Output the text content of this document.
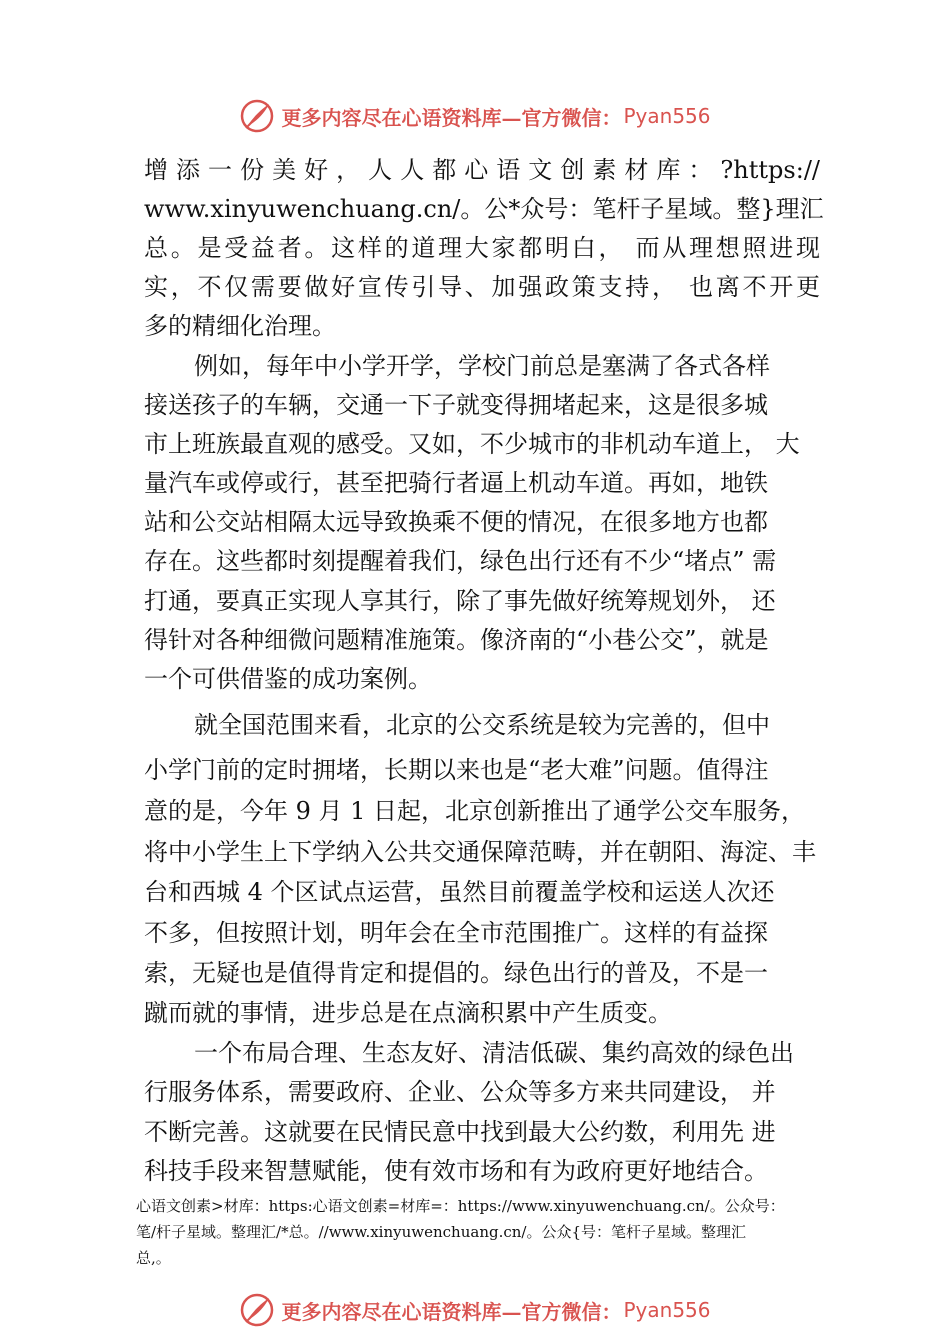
更多内容尽在心语资料库—官方微信： Pyan556
增添一份美好，人人都心语文创素材库：?https://
www.xinyuwenchuang.cn/。公*众号：笔杆子星域。整}理汇
总。是受益者。这样的道理大家都明白， 而从理想照进现
实，不仅需要做好宣传引导、加强政策支持， 也离不开更
多的精细化治理。
例如，每年中小学开学，学校门前总是塞满了各式各样
接送孩子的车辆，交通一下子就变得拥堵起来，这是很多城
市上班族最直观的感受。又如，不少城市的非机动车道上， 大
量汽车或停或行，甚至把骑行者逼上机动车道。再如，地铁
站和公交站相隔太远导致换乘不便的情况，在很多地方也都
存在。这些都时刻提醒着我们，绿色出行还有不少“堵点” 需
打通，要真正实现人享其行，除了事先做好统筹规划外， 还
得针对各种细微问题精准施策。像济南的“小巷公交”，就是
一个可供借鉴的成功案例。
就全国范围来看，北京的公交系统是较为完善的，但中
小学门前的定时拥堵，长期以来也是“老大难”问题。值得注
意的是，今年 9 月 1 日起，北京创新推出了通学公交车服务，
将中小学生上下学纳入公共交通保障范畴，并在朝阳、海淀、丰
台和西城 4 个区试点运营，虽然目前覆盖学校和运送人次还
不多，但按照计划，明年会在全市范围推广。这样的有益探
索，无疑也是值得肯定和提倡的。绿色出行的普及，不是一
蹴而就的事情，进步总是在点滴积累中产生质变。
一个布局合理、生态友好、清洁低碳、集约高效的绿色出
行服务体系，需要政府、企业、公众等多方来共同建设， 并
不断完善。这就要在民情民意中找到最大公约数，利用先 进
科技手段来智慧赋能，使有效市场和有为政府更好地结合。
心语文创素>材库：https:心语文创素=材库=：https://www.xinyuwenchuang.cn/。公众号：
笔/杆子星域。整理汇/*总。//www.xinyuwenchuang.cn/。公众{号：笔杆子星域。整理汇
总,。
更多内容尽在心语资料库—官方微信： Pyan556
